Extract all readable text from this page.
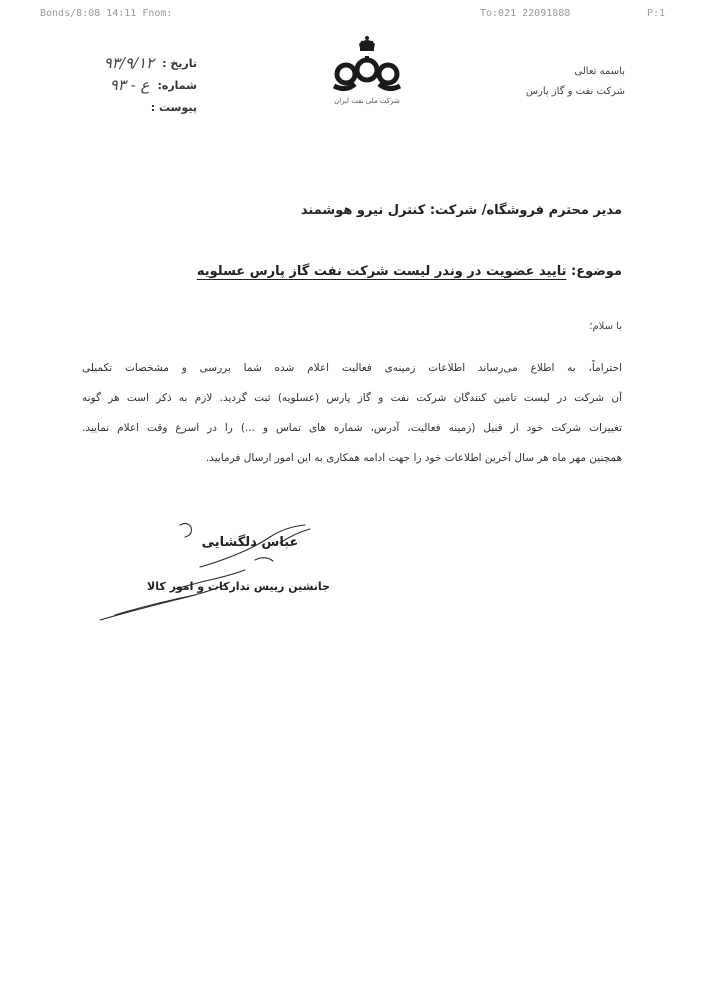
Bonds/8:08 14:11 Fnom:	To:021 22091888	P:1
تاریخ :
۹۳/۹/۱۲
شماره:
ع - ۹۳
پیوست :	شرکت ملی نفت ایران
باسمه تعالی
شرکت نفت و گاز پارس
مدیر محترم فروشگاه/ شرکت: کنترل نیرو هوشمند
موضوع: تایید عضویت در وندر لیست شرکت نفت گاز پارس عسلویه
با سلام؛
احتراماً، به اطلاع می‌رساند اطلاعات زمینه‌ی فعالیت اعلام شده شما بررسی و مشخصات تکمیلی
آن شرکت در لیست تامین کنندگان شرکت نفت و گاز پارس (عسلویه) ثبت گردید. لازم به ذکر است هر گونه
تغییرات شرکت خود از قبیل (زمینه فعالیت، آدرس، شماره های تماس و ...) را در اسرع وقت اعلام نمایید.
همچنین مهر ماه هر سال آخرین اطلاعات خود را جهت ادامه همکاری به این امور ارسال فرمایید.
عباس دلگشایی
جانشین رییس تدارکات و امور کالا
